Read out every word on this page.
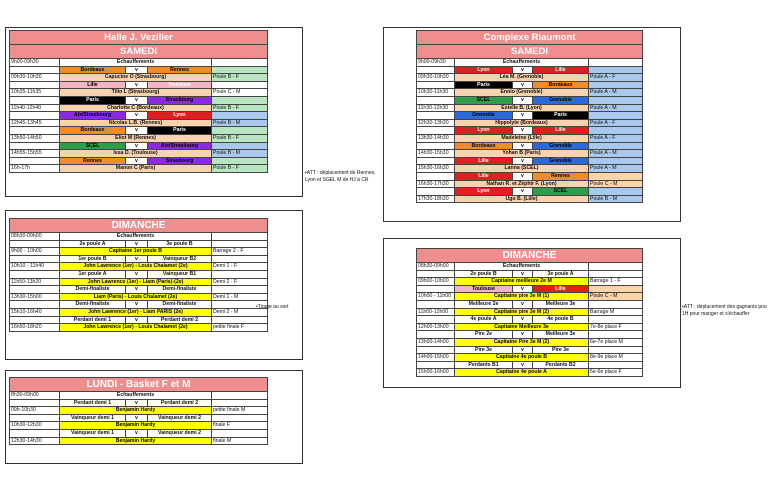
Halle J. Vezilier				
SAMEDI				
9h00-09h30	Echauffements			
	Bordeaux	v	Rennes	
09h30-10h30	Capucine O (Strasbourg)			Poule B - F
	Lille	v	Toulouse	
10h35-11h35	Tilio L (Strasbourg)			Poule C - M
	Paris	v	Strasbourg	
11h40-12h40	Charlotte C (Bordeaux)			Poule B - F
	Aix/Strasbourg	v	Lyon	
12h45-13h45	Nicolas L.B. (Rennes)			Poule B - M
	Bordeaux	v	Paris	
13h50-14h50	Eliot M (Rennes)			Poule B - F
	SCEL	v	Aix/Strasbourg	
14h55-15h55	Issa D. (Toulouse)			Poule B - M
	Rennes	v	Strasbourg	
16h-17h	Manon C (Paris)			Poule B - F
•ATT : déplacement de Rennes, Lyon et SGEL M de HJ à CR
DIMANCHE				
08h30-09h00	Echauffements			
	2e poule A	v	3e poule B	
9h00 - 10h00	Capitaine 1er poule B			Barrage 2 - F
	1er poule B	v	Vainqueur B2	
10h10 - 11h40	John Lawrence (1er) - Louis Chalamet (2e)			Demi 1 - F
	1er poule A	v	Vainqueur B1	
11h50-13h20	John Lawrence (1er) - Liam (Paris)-(2e)			Demi 2 - F
	Demi-finaliste	v	Demi-finaliste	
13h30-15h00	Liam (Paris) - Louis Chalamet (2e)			Demi 1 - M
	Demi-finaliste	v	Demi-finaliste	
15h10-16h40	John Lawrence (1er) - Liam PARIS (2e)			Demi 2 - M
	Perdant demi 1	v	Perdant demi 2	
16h50-18h20	John Lawrence (1er) - Louis Chalamet (2e)			petite finale F
•Tirage au sort
LUNDI - Basket F et M				
8h30-09h00	Echauffements			
	Perdant demi 1	v	Perdant demi 2	
09h-10h30	Benjamin Hardy			petite finale M
	Vainqueur demi 1	v	Vainqueur demi 2	
10h30-12h30	Benjamin Hardy			finale F
	Vainqueur demi 1	v	Vainqueur demi 2	
12h30-14h30	Benjamin Hardy			finale M
Complexe Riaumont				
SAMEDI				
9h00-09h30	Echauffements			
	Lyon	v	Lille	
09h30-10h30	Léa M. (Grenoble)			Poule A - F
	Paris	v	Bordeaux	
10h30-11h30	Ennio (Grenoble)			Poule A - M
	SCEL	v	Grenoble	
11h30-12h30	Estelle B. (Lyon)			Poule A - M
	Grenoble	v	Paris	
12h30-13h30	Hippolyte (Bordeaux)			Poule A - F
	Lyon	v	Lille	
13h30-14h30	Madeleine (Lille)			Poule A - F
	Bordeaux	v	Grenoble	
14h30-15h30	Yohan B (Paris)			Poule A - M
	Lille	v	Grenoble	
15h30-16h30	Lanna (SCEL)			Poule A - M
	Lille	v	Rennes	
16h30-17h30	Nathan R. et Zéphir F. (Lyon)			Poule C - M
	Lyon	v	SCEL	
17h30-18h30	Ugo B. (Lille)			Poule B - M
DIMANCHE				
08h30-09h00	Echauffements			
	2e poule B	v	3e poule A	
09h00-10h00	Capitaine meilleure 2e M			Barrage 1 - F
	Toulouse	v	Lille	
10h00 - 11h00	Capitaine pire 3e M (1)			Poule C - M
	Meilleure 2e	v	Meilleure 3e	
11h00-12h00	Capitaine pire 3e M (2)			Barrage M
	4e poule A	v	4e poule B	
12h00-13h00	Capitaine Meilleure 3e			7e-8e place F
	Pire 2e	v	Meilleure 3e	
13h00-14h00	Capitaine Pire 3e M (2)			6e-7e place M
	Pire 3e	v	Pire 3e	
14h00-15h00	Capitaine 4e poule B			8e-9e place M
	Perdants B1	v	Perdants B2	
15h00-16h00	Capitaine 4e poule A			5e-6e place F
•ATT : déplacement des gagnants pou 1H pour manger et s'échauffer
